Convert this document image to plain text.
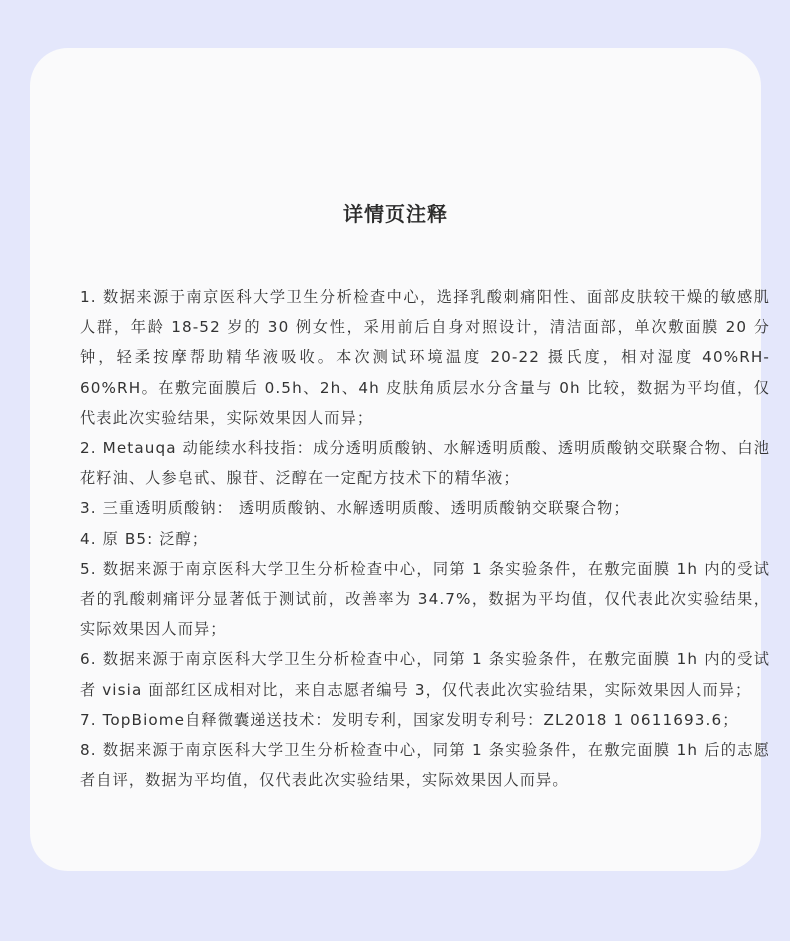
详情页注释
1. 数据来源于南京医科大学卫生分析检查中心，选择乳酸刺痛阳性、面部皮肤较干燥的敏感肌人群，年龄 18-52 岁的 30 例女性，采用前后自身对照设计，清洁面部，单次敷面膜 20 分钟，轻柔按摩帮助精华液吸收。本次测试环境温度 20-22 摄氏度，相对湿度 40%RH-60%RH。在敷完面膜后 0.5h、2h、4h 皮肤角质层水分含量与 0h 比较，数据为平均值，仅代表此次实验结果，实际效果因人而异；
2. Metauqa 动能续水科技指：成分透明质酸钠、水解透明质酸、透明质酸钠交联聚合物、白池花籽油、人参皂甙、腺苷、泛醇在一定配方技术下的精华液；
3. 三重透明质酸钠： 透明质酸钠、水解透明质酸、透明质酸钠交联聚合物；
4. 原 B5: 泛醇；
5. 数据来源于南京医科大学卫生分析检查中心，同第 1 条实验条件，在敷完面膜 1h 内的受试者的乳酸刺痛评分显著低于测试前，改善率为 34.7%，数据为平均值，仅代表此次实验结果，实际效果因人而异；
6. 数据来源于南京医科大学卫生分析检查中心，同第 1 条实验条件，在敷完面膜 1h 内的受试者 visia 面部红区成相对比，来自志愿者编号 3，仅代表此次实验结果，实际效果因人而异；
7. TopBiome自释微囊递送技术：发明专利，国家发明专利号：ZL2018 1 0611693.6；
8. 数据来源于南京医科大学卫生分析检查中心，同第 1 条实验条件，在敷完面膜 1h 后的志愿者自评，数据为平均值，仅代表此次实验结果，实际效果因人而异。
